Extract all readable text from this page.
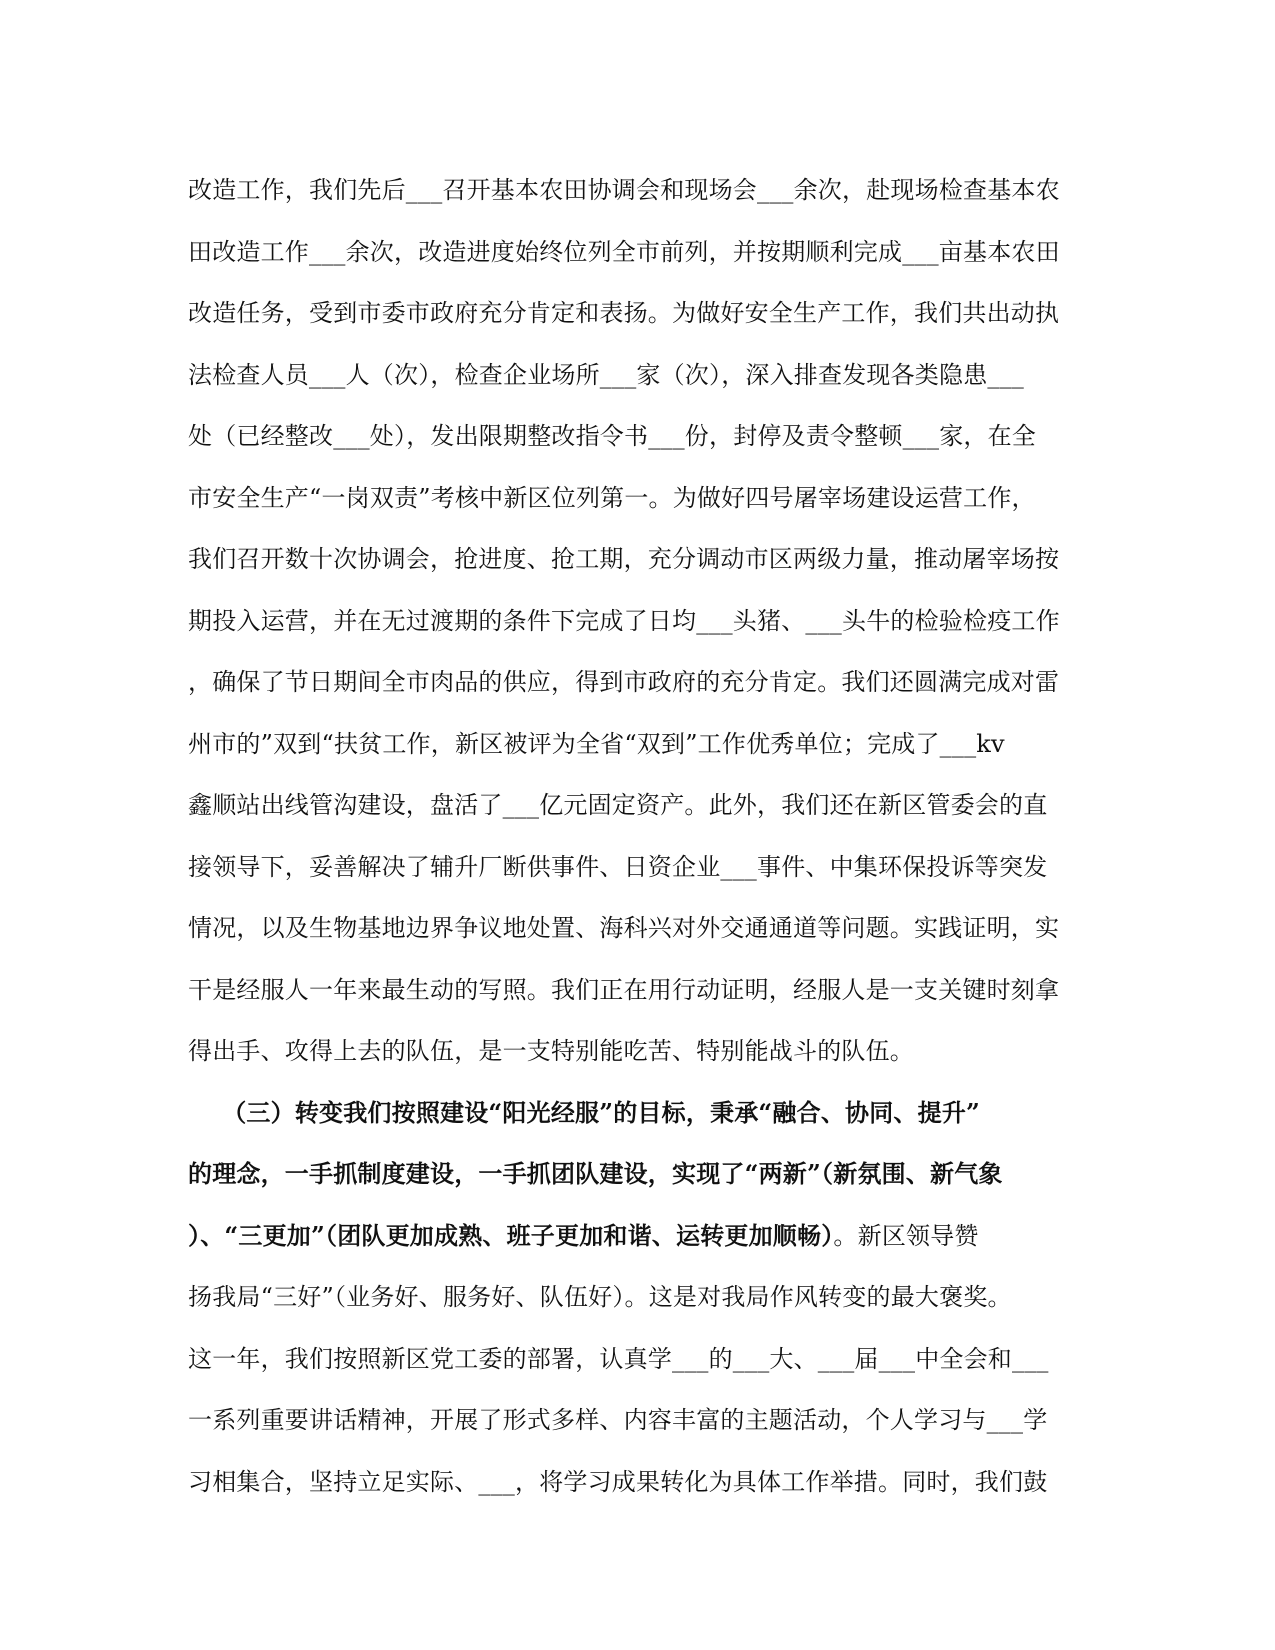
改造工作，我们先后___召开基本农田协调会和现场会___余次，赴现场检查基本农
田改造工作___余次，改造进度始终位列全市前列，并按期顺利完成___亩基本农田
改造任务，受到市委市政府充分肯定和表扬。为做好安全生产工作，我们共出动执
法检查人员___人（次），检查企业场所___家（次），深入排查发现各类隐患___
处（已经整改___处），发出限期整改指令书___份，封停及责令整顿___家，在全
市安全生产“一岗双责”考核中新区位列第一。为做好四号屠宰场建设运营工作，
我们召开数十次协调会，抢进度、抢工期，充分调动市区两级力量，推动屠宰场按
期投入运营，并在无过渡期的条件下完成了日均___头猪、___头牛的检验检疫工作
，确保了节日期间全市肉品的供应，得到市政府的充分肯定。我们还圆满完成对雷
州市的”双到“扶贫工作，新区被评为全省“双到”工作优秀单位；完成了___kv
鑫顺站出线管沟建设，盘活了___亿元固定资产。此外，我们还在新区管委会的直
接领导下，妥善解决了辅升厂断供事件、日资企业___事件、中集环保投诉等突发
情况，以及生物基地边界争议地处置、海科兴对外交通通道等问题。实践证明，实
干是经服人一年来最生动的写照。我们正在用行动证明，经服人是一支关键时刻拿
得出手、攻得上去的队伍，是一支特别能吃苦、特别能战斗的队伍。
（三）转变我们按照建设“阳光经服”的目标，秉承“融合、协同、提升”
的理念，一手抓制度建设，一手抓团队建设，实现了“两新”（新氛围、新气象
）、“三更加”（团队更加成熟、班子更加和谐、运转更加顺畅）。新区领导赞
扬我局“三好”（业务好、服务好、队伍好）。这是对我局作风转变的最大褒奖。
这一年，我们按照新区党工委的部署，认真学___的___大、___届___中全会和___
一系列重要讲话精神，开展了形式多样、内容丰富的主题活动，个人学习与___学
习相集合，坚持立足实际、___，将学习成果转化为具体工作举措。同时，我们鼓
